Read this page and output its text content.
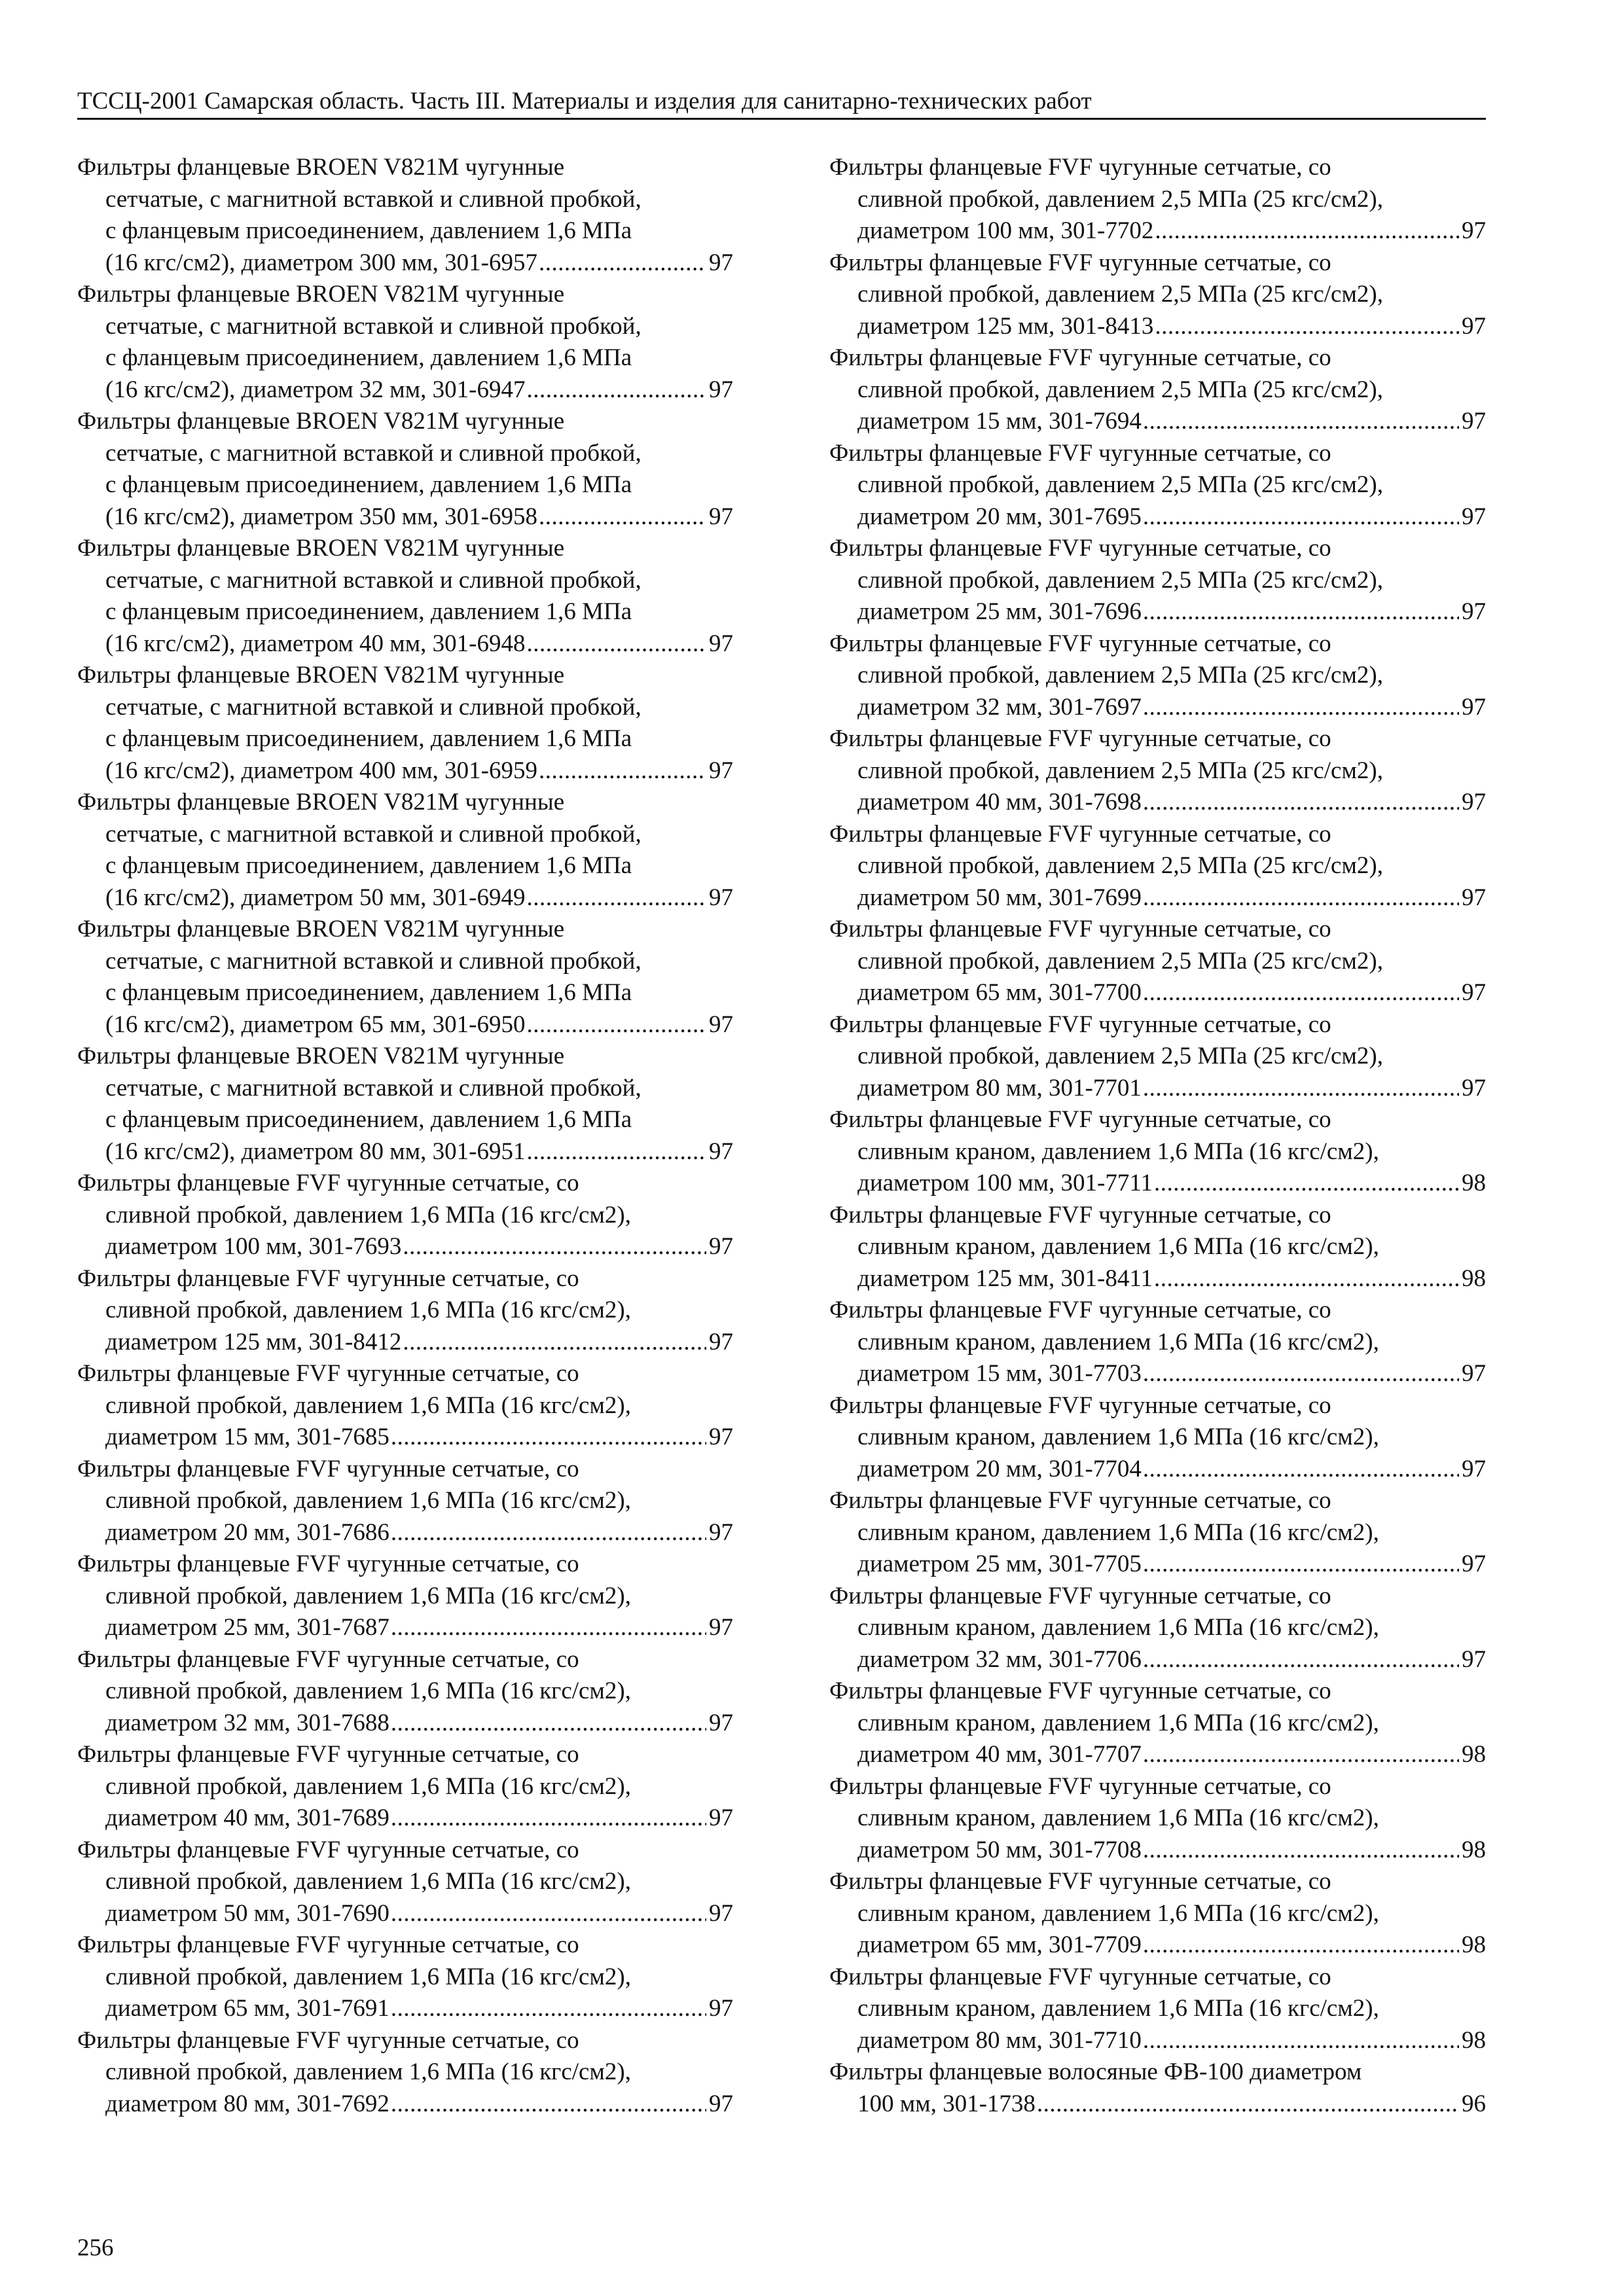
ТССЦ-2001 Самарская область. Часть III. Материалы и изделия для санитарно-технических работ
Фильтры фланцевые BROEN V821M чугунные
сетчатые, с магнитной вставкой и сливной пробкой,
с фланцевым присоединением, давлением 1,6 МПа
(16 кгс/см2), диаметром 300 мм, 301-6957 .....	97
Фильтры фланцевые BROEN V821M чугунные
сетчатые, с магнитной вставкой и сливной пробкой,
с фланцевым присоединением, давлением 1,6 МПа
(16 кгс/см2), диаметром 32 мм, 301-6947 .....	97
Фильтры фланцевые BROEN V821M чугунные
сетчатые, с магнитной вставкой и сливной пробкой,
с фланцевым присоединением, давлением 1,6 МПа
(16 кгс/см2), диаметром 350 мм, 301-6958 .....	97
Фильтры фланцевые BROEN V821M чугунные
сетчатые, с магнитной вставкой и сливной пробкой,
с фланцевым присоединением, давлением 1,6 МПа
(16 кгс/см2), диаметром 40 мм, 301-6948 .....	97
Фильтры фланцевые BROEN V821M чугунные
сетчатые, с магнитной вставкой и сливной пробкой,
с фланцевым присоединением, давлением 1,6 МПа
(16 кгс/см2), диаметром 400 мм, 301-6959 .....	97
Фильтры фланцевые BROEN V821M чугунные
сетчатые, с магнитной вставкой и сливной пробкой,
с фланцевым присоединением, давлением 1,6 МПа
(16 кгс/см2), диаметром 50 мм, 301-6949 .....	97
Фильтры фланцевые BROEN V821M чугунные
сетчатые, с магнитной вставкой и сливной пробкой,
с фланцевым присоединением, давлением 1,6 МПа
(16 кгс/см2), диаметром 65 мм, 301-6950 .....	97
Фильтры фланцевые BROEN V821M чугунные
сетчатые, с магнитной вставкой и сливной пробкой,
с фланцевым присоединением, давлением 1,6 МПа
(16 кгс/см2), диаметром 80 мм, 301-6951 .....	97
Фильтры фланцевые FVF чугунные сетчатые, со
сливной пробкой, давлением 1,6 МПа (16 кгс/см2),
диаметром 100 мм, 301-7693 .....	97
Фильтры фланцевые FVF чугунные сетчатые, со
сливной пробкой, давлением 1,6 МПа (16 кгс/см2),
диаметром 125 мм, 301-8412 .....	97
Фильтры фланцевые FVF чугунные сетчатые, со
сливной пробкой, давлением 1,6 МПа (16 кгс/см2),
диаметром 15 мм, 301-7685 .....	97
Фильтры фланцевые FVF чугунные сетчатые, со
сливной пробкой, давлением 1,6 МПа (16 кгс/см2),
диаметром 20 мм, 301-7686 .....	97
Фильтры фланцевые FVF чугунные сетчатые, со
сливной пробкой, давлением 1,6 МПа (16 кгс/см2),
диаметром 25 мм, 301-7687 .....	97
Фильтры фланцевые FVF чугунные сетчатые, со
сливной пробкой, давлением 1,6 МПа (16 кгс/см2),
диаметром 32 мм, 301-7688 .....	97
Фильтры фланцевые FVF чугунные сетчатые, со
сливной пробкой, давлением 1,6 МПа (16 кгс/см2),
диаметром 40 мм, 301-7689 .....	97
Фильтры фланцевые FVF чугунные сетчатые, со
сливной пробкой, давлением 1,6 МПа (16 кгс/см2),
диаметром 50 мм, 301-7690 .....	97
Фильтры фланцевые FVF чугунные сетчатые, со
сливной пробкой, давлением 1,6 МПа (16 кгс/см2),
диаметром 65 мм, 301-7691 .....	97
Фильтры фланцевые FVF чугунные сетчатые, со
сливной пробкой, давлением 1,6 МПа (16 кгс/см2),
диаметром 80 мм, 301-7692 .....	97
Фильтры фланцевые FVF чугунные сетчатые, со
сливной пробкой, давлением 2,5 МПа (25 кгс/см2),
диаметром 100 мм, 301-7702 .....	97
Фильтры фланцевые FVF чугунные сетчатые, со
сливной пробкой, давлением 2,5 МПа (25 кгс/см2),
диаметром 125 мм, 301-8413 .....	97
Фильтры фланцевые FVF чугунные сетчатые, со
сливной пробкой, давлением 2,5 МПа (25 кгс/см2),
диаметром 15 мм, 301-7694 .....	97
Фильтры фланцевые FVF чугунные сетчатые, со
сливной пробкой, давлением 2,5 МПа (25 кгс/см2),
диаметром 20 мм, 301-7695 .....	97
Фильтры фланцевые FVF чугунные сетчатые, со
сливной пробкой, давлением 2,5 МПа (25 кгс/см2),
диаметром 25 мм, 301-7696 .....	97
Фильтры фланцевые FVF чугунные сетчатые, со
сливной пробкой, давлением 2,5 МПа (25 кгс/см2),
диаметром 32 мм, 301-7697 .....	97
Фильтры фланцевые FVF чугунные сетчатые, со
сливной пробкой, давлением 2,5 МПа (25 кгс/см2),
диаметром 40 мм, 301-7698 .....	97
Фильтры фланцевые FVF чугунные сетчатые, со
сливной пробкой, давлением 2,5 МПа (25 кгс/см2),
диаметром 50 мм, 301-7699 .....	97
Фильтры фланцевые FVF чугунные сетчатые, со
сливной пробкой, давлением 2,5 МПа (25 кгс/см2),
диаметром 65 мм, 301-7700 .....	97
Фильтры фланцевые FVF чугунные сетчатые, со
сливной пробкой, давлением 2,5 МПа (25 кгс/см2),
диаметром 80 мм, 301-7701 .....	97
Фильтры фланцевые FVF чугунные сетчатые, со
сливным краном, давлением 1,6 МПа (16 кгс/см2),
диаметром 100 мм, 301-7711 .....	98
Фильтры фланцевые FVF чугунные сетчатые, со
сливным краном, давлением 1,6 МПа (16 кгс/см2),
диаметром 125 мм, 301-8411 .....	98
Фильтры фланцевые FVF чугунные сетчатые, со
сливным краном, давлением 1,6 МПа (16 кгс/см2),
диаметром 15 мм, 301-7703 .....	97
Фильтры фланцевые FVF чугунные сетчатые, со
сливным краном, давлением 1,6 МПа (16 кгс/см2),
диаметром 20 мм, 301-7704 .....	97
Фильтры фланцевые FVF чугунные сетчатые, со
сливным краном, давлением 1,6 МПа (16 кгс/см2),
диаметром 25 мм, 301-7705 .....	97
Фильтры фланцевые FVF чугунные сетчатые, со
сливным краном, давлением 1,6 МПа (16 кгс/см2),
диаметром 32 мм, 301-7706 .....	97
Фильтры фланцевые FVF чугунные сетчатые, со
сливным краном, давлением 1,6 МПа (16 кгс/см2),
диаметром 40 мм, 301-7707 .....	98
Фильтры фланцевые FVF чугунные сетчатые, со
сливным краном, давлением 1,6 МПа (16 кгс/см2),
диаметром 50 мм, 301-7708 .....	98
Фильтры фланцевые FVF чугунные сетчатые, со
сливным краном, давлением 1,6 МПа (16 кгс/см2),
диаметром 65 мм, 301-7709 .....	98
Фильтры фланцевые FVF чугунные сетчатые, со
сливным краном, давлением 1,6 МПа (16 кгс/см2),
диаметром 80 мм, 301-7710 .....	98
Фильтры фланцевые волосяные ФВ-100 диаметром
100 мм, 301-1738 .....	96
256
